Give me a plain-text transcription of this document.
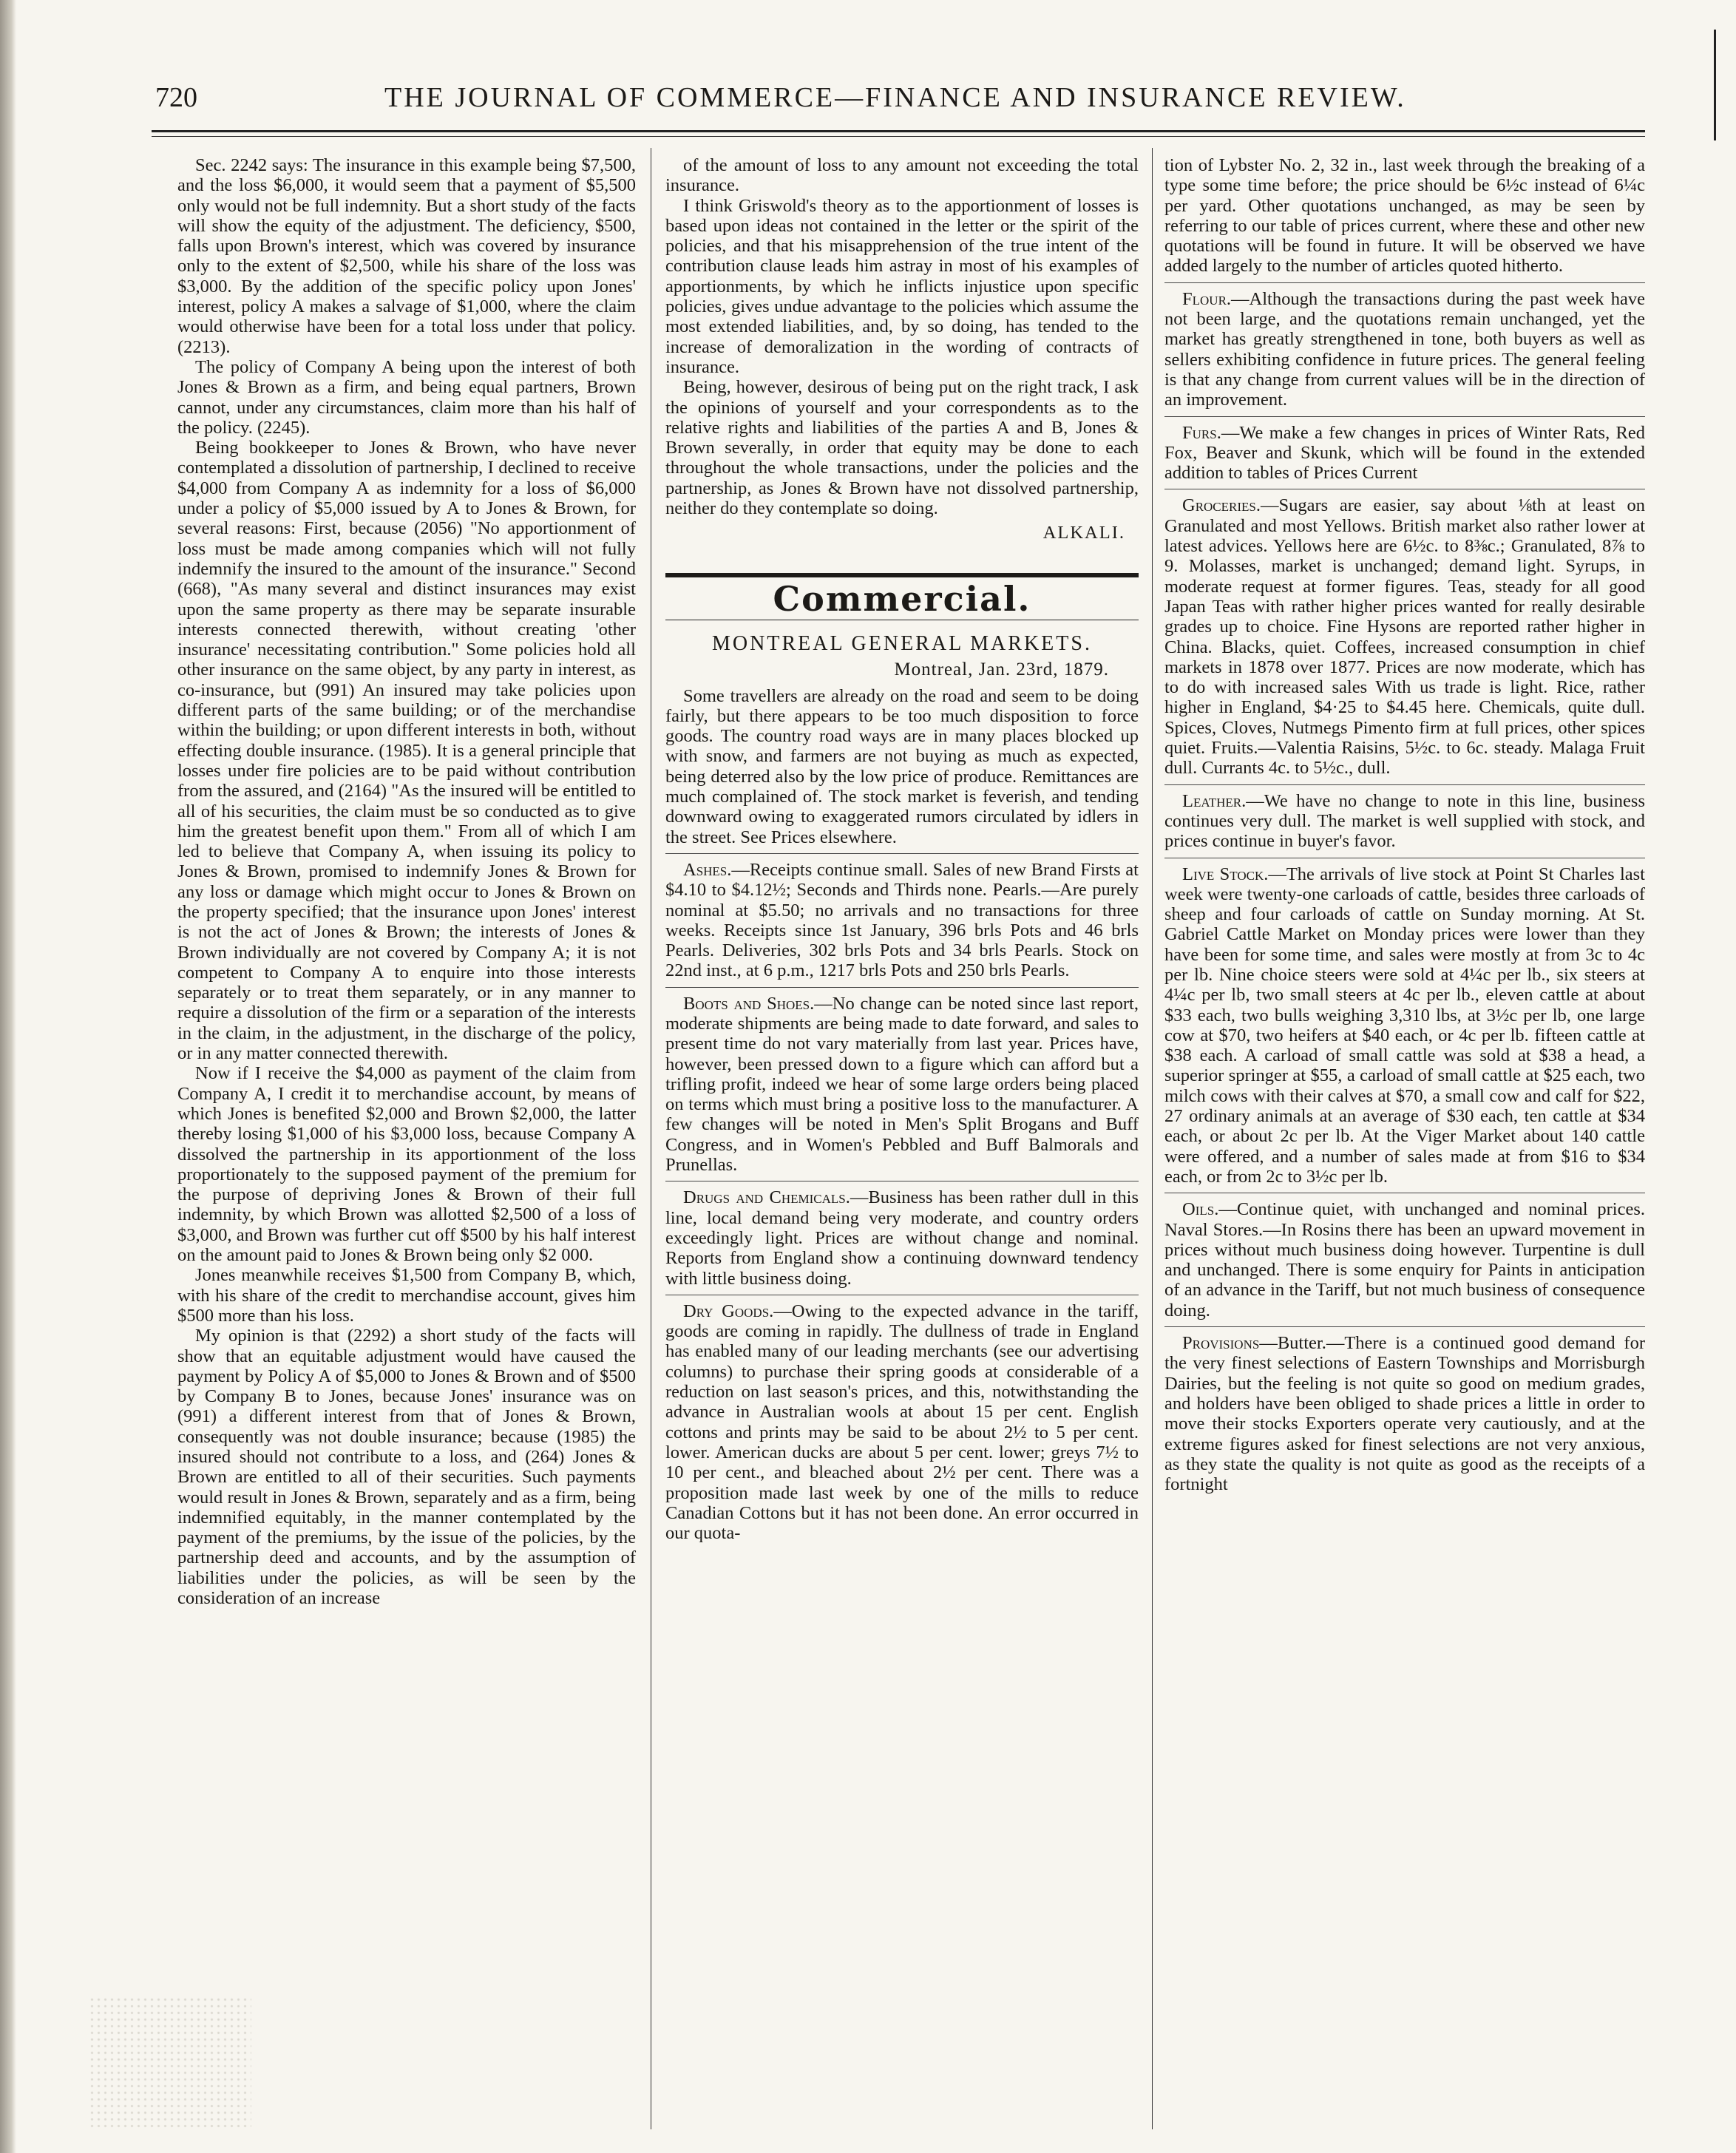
720	THE JOURNAL OF COMMERCE—FINANCE AND INSURANCE REVIEW.

Sec. 2242 says: The insurance in this example being $7,500, and the loss $6,000, it would seem that a payment of $5,500 only would not be full indemnity. But a short study of the facts will show the equity of the adjustment. The deficiency, $500, falls upon Brown's interest, which was covered by insurance only to the extent of $2,500, while his share of the loss was $3,000. By the addition of the specific policy upon Jones' interest, policy A makes a salvage of $1,000, where the claim would otherwise have been for a total loss under that policy. (2213).

The policy of Company A being upon the interest of both Jones & Brown as a firm, and being equal partners, Brown cannot, under any circumstances, claim more than his half of the policy. (2245).

Being bookkeeper to Jones & Brown, who have never contemplated a dissolution of partnership, I declined to receive $4,000 from Company A as indemnity for a loss of $6,000 under a policy of $5,000 issued by A to Jones & Brown, for several reasons: First, because (2056) "No apportionment of loss must be made among companies which will not fully indemnify the insured to the amount of the insurance." Second (668), "As many several and distinct insurances may exist upon the same property as there may be separate insurable interests connected therewith, without creating 'other insurance' necessitating contribution." Some policies hold all other insurance on the same object, by any party in interest, as co-insurance, but (991) An insured may take policies upon different parts of the same building; or of the merchandise within the building; or upon different interests in both, without effecting double insurance. (1985). It is a general principle that losses under fire policies are to be paid without contribution from the assured, and (2164) "As the insured will be entitled to all of his securities, the claim must be so conducted as to give him the greatest benefit upon them." From all of which I am led to believe that Company A, when issuing its policy to Jones & Brown, promised to indemnify Jones & Brown for any loss or damage which might occur to Jones & Brown on the property specified; that the insurance upon Jones' interest is not the act of Jones & Brown; the interests of Jones & Brown individually are not covered by Company A; it is not competent to Company A to enquire into those interests separately or to treat them separately, or in any manner to require a dissolution of the firm or a separation of the interests in the claim, in the adjustment, in the discharge of the policy, or in any matter connected therewith.

Now if I receive the $4,000 as payment of the claim from Company A, I credit it to merchandise account, by means of which Jones is benefited $2,000 and Brown $2,000, the latter thereby losing $1,000 of his $3,000 loss, because Company A dissolved the partnership in its apportionment of the loss proportionately to the supposed payment of the premium for the purpose of depriving Jones & Brown of their full indemnity, by which Brown was allotted $2,500 of a loss of $3,000, and Brown was further cut off $500 by his half interest on the amount paid to Jones & Brown being only $2 000.

Jones meanwhile receives $1,500 from Company B, which, with his share of the credit to merchandise account, gives him $500 more than his loss.

My opinion is that (2292) a short study of the facts will show that an equitable adjustment would have caused the payment by Policy A of $5,000 to Jones & Brown and of $500 by Company B to Jones, because Jones' insurance was on (991) a different interest from that of Jones & Brown, consequently was not double insurance; because (1985) the insured should not contribute to a loss, and (264) Jones & Brown are entitled to all of their securities. Such payments would result in Jones & Brown, separately and as a firm, being indemnified equitably, in the manner contemplated by the payment of the premiums, by the issue of the policies, by the partnership deed and accounts, and by the assumption of liabilities under the policies, as will be seen by the consideration of an increase

of the amount of loss to any amount not exceeding the total insurance.

I think Griswold's theory as to the apportionment of losses is based upon ideas not contained in the letter or the spirit of the policies, and that his misapprehension of the true intent of the contribution clause leads him astray in most of his examples of apportionments, by which he inflicts injustice upon specific policies, gives undue advantage to the policies which assume the most extended liabilities, and, by so doing, has tended to the increase of demoralization in the wording of contracts of insurance.

Being, however, desirous of being put on the right track, I ask the opinions of yourself and your correspondents as to the relative rights and liabilities of the parties A and B, Jones & Brown severally, in order that equity may be done to each throughout the whole transactions, under the policies and the partnership, as Jones & Brown have not dissolved partnership, neither do they contemplate so doing.

ALKALI.
Commercial.
MONTREAL GENERAL MARKETS.
Montreal, Jan. 23rd, 1879.

Some travellers are already on the road and seem to be doing fairly, but there appears to be too much disposition to force goods. The country road ways are in many places blocked up with snow, and farmers are not buying as much as expected, being deterred also by the low price of produce. Remittances are much complained of. The stock market is feverish, and tending downward owing to exaggerated rumors circulated by idlers in the street. See Prices elsewhere.

Ashes.—Receipts continue small. Sales of new Brand Firsts at $4.10 to $4.12½; Seconds and Thirds none. Pearls.—Are purely nominal at $5.50; no arrivals and no transactions for three weeks. Receipts since 1st January, 396 brls Pots and 46 brls Pearls. Deliveries, 302 brls Pots and 34 brls Pearls. Stock on 22nd inst., at 6 p.m., 1217 brls Pots and 250 brls Pearls.

Boots and Shoes.—No change can be noted since last report, moderate shipments are being made to date forward, and sales to present time do not vary materially from last year. Prices have, however, been pressed down to a figure which can afford but a trifling profit, indeed we hear of some large orders being placed on terms which must bring a positive loss to the manufacturer. A few changes will be noted in Men's Split Brogans and Buff Congress, and in Women's Pebbled and Buff Balmorals and Prunellas.

Drugs and Chemicals.—Business has been rather dull in this line, local demand being very moderate, and country orders exceedingly light. Prices are without change and nominal. Reports from England show a continuing downward tendency with little business doing.

Dry Goods.—Owing to the expected advance in the tariff, goods are coming in rapidly. The dullness of trade in England has enabled many of our leading merchants (see our advertising columns) to purchase their spring goods at considerable of a reduction on last season's prices, and this, notwithstanding the advance in Australian wools at about 15 per cent. English cottons and prints may be said to be about 2½ to 5 per cent. lower. American ducks are about 5 per cent. lower; greys 7½ to 10 per cent., and bleached about 2½ per cent. There was a proposition made last week by one of the mills to reduce Canadian Cottons but it has not been done. An error occurred in our quota-

tion of Lybster No. 2, 32 in., last week through the breaking of a type some time before; the price should be 6½c instead of 6¼c per yard. Other quotations unchanged, as may be seen by referring to our table of prices current, where these and other new quotations will be found in future. It will be observed we have added largely to the number of articles quoted hitherto.

Flour.—Although the transactions during the past week have not been large, and the quotations remain unchanged, yet the market has greatly strengthened in tone, both buyers as well as sellers exhibiting confidence in future prices. The general feeling is that any change from current values will be in the direction of an improvement.

Furs.—We make a few changes in prices of Winter Rats, Red Fox, Beaver and Skunk, which will be found in the extended addition to tables of Prices Current

Groceries.—Sugars are easier, say about ⅛th at least on Granulated and most Yellows. British market also rather lower at latest advices. Yellows here are 6½c. to 8⅜c.; Granulated, 8⅞ to 9. Molasses, market is unchanged; demand light. Syrups, in moderate request at former figures. Teas, steady for all good Japan Teas with rather higher prices wanted for really desirable grades up to choice. Fine Hysons are reported rather higher in China. Blacks, quiet. Coffees, increased consumption in chief markets in 1878 over 1877. Prices are now moderate, which has to do with increased sales With us trade is light. Rice, rather higher in England, $4·25 to $4.45 here. Chemicals, quite dull. Spices, Cloves, Nutmegs Pimento firm at full prices, other spices quiet. Fruits.—Valentia Raisins, 5½c. to 6c. steady. Malaga Fruit dull. Currants 4c. to 5½c., dull.

Leather.—We have no change to note in this line, business continues very dull. The market is well supplied with stock, and prices continue in buyer's favor.

Live Stock.—The arrivals of live stock at Point St Charles last week were twenty-one carloads of cattle, besides three carloads of sheep and four carloads of cattle on Sunday morning. At St. Gabriel Cattle Market on Monday prices were lower than they have been for some time, and sales were mostly at from 3c to 4c per lb. Nine choice steers were sold at 4¼c per lb., six steers at 4¼c per lb, two small steers at 4c per lb., eleven cattle at about $33 each, two bulls weighing 3,310 lbs, at 3½c per lb, one large cow at $70, two heifers at $40 each, or 4c per lb. fifteen cattle at $38 each. A carload of small cattle was sold at $38 a head, a superior springer at $55, a carload of small cattle at $25 each, two milch cows with their calves at $70, a small cow and calf for $22, 27 ordinary animals at an average of $30 each, ten cattle at $34 each, or about 2c per lb. At the Viger Market about 140 cattle were offered, and a number of sales made at from $16 to $34 each, or from 2c to 3½c per lb.

Oils.—Continue quiet, with unchanged and nominal prices. Naval Stores.—In Rosins there has been an upward movement in prices without much business doing however. Turpentine is dull and unchanged. There is some enquiry for Paints in anticipation of an advance in the Tariff, but not much business of consequence doing.

Provisions—Butter.—There is a continued good demand for the very finest selections of Eastern Townships and Morrisburgh Dairies, but the feeling is not quite so good on medium grades, and holders have been obliged to shade prices a little in order to move their stocks Exporters operate very cautiously, and at the extreme figures asked for finest selections are not very anxious, as they state the quality is not quite as good as the receipts of a fortnight
